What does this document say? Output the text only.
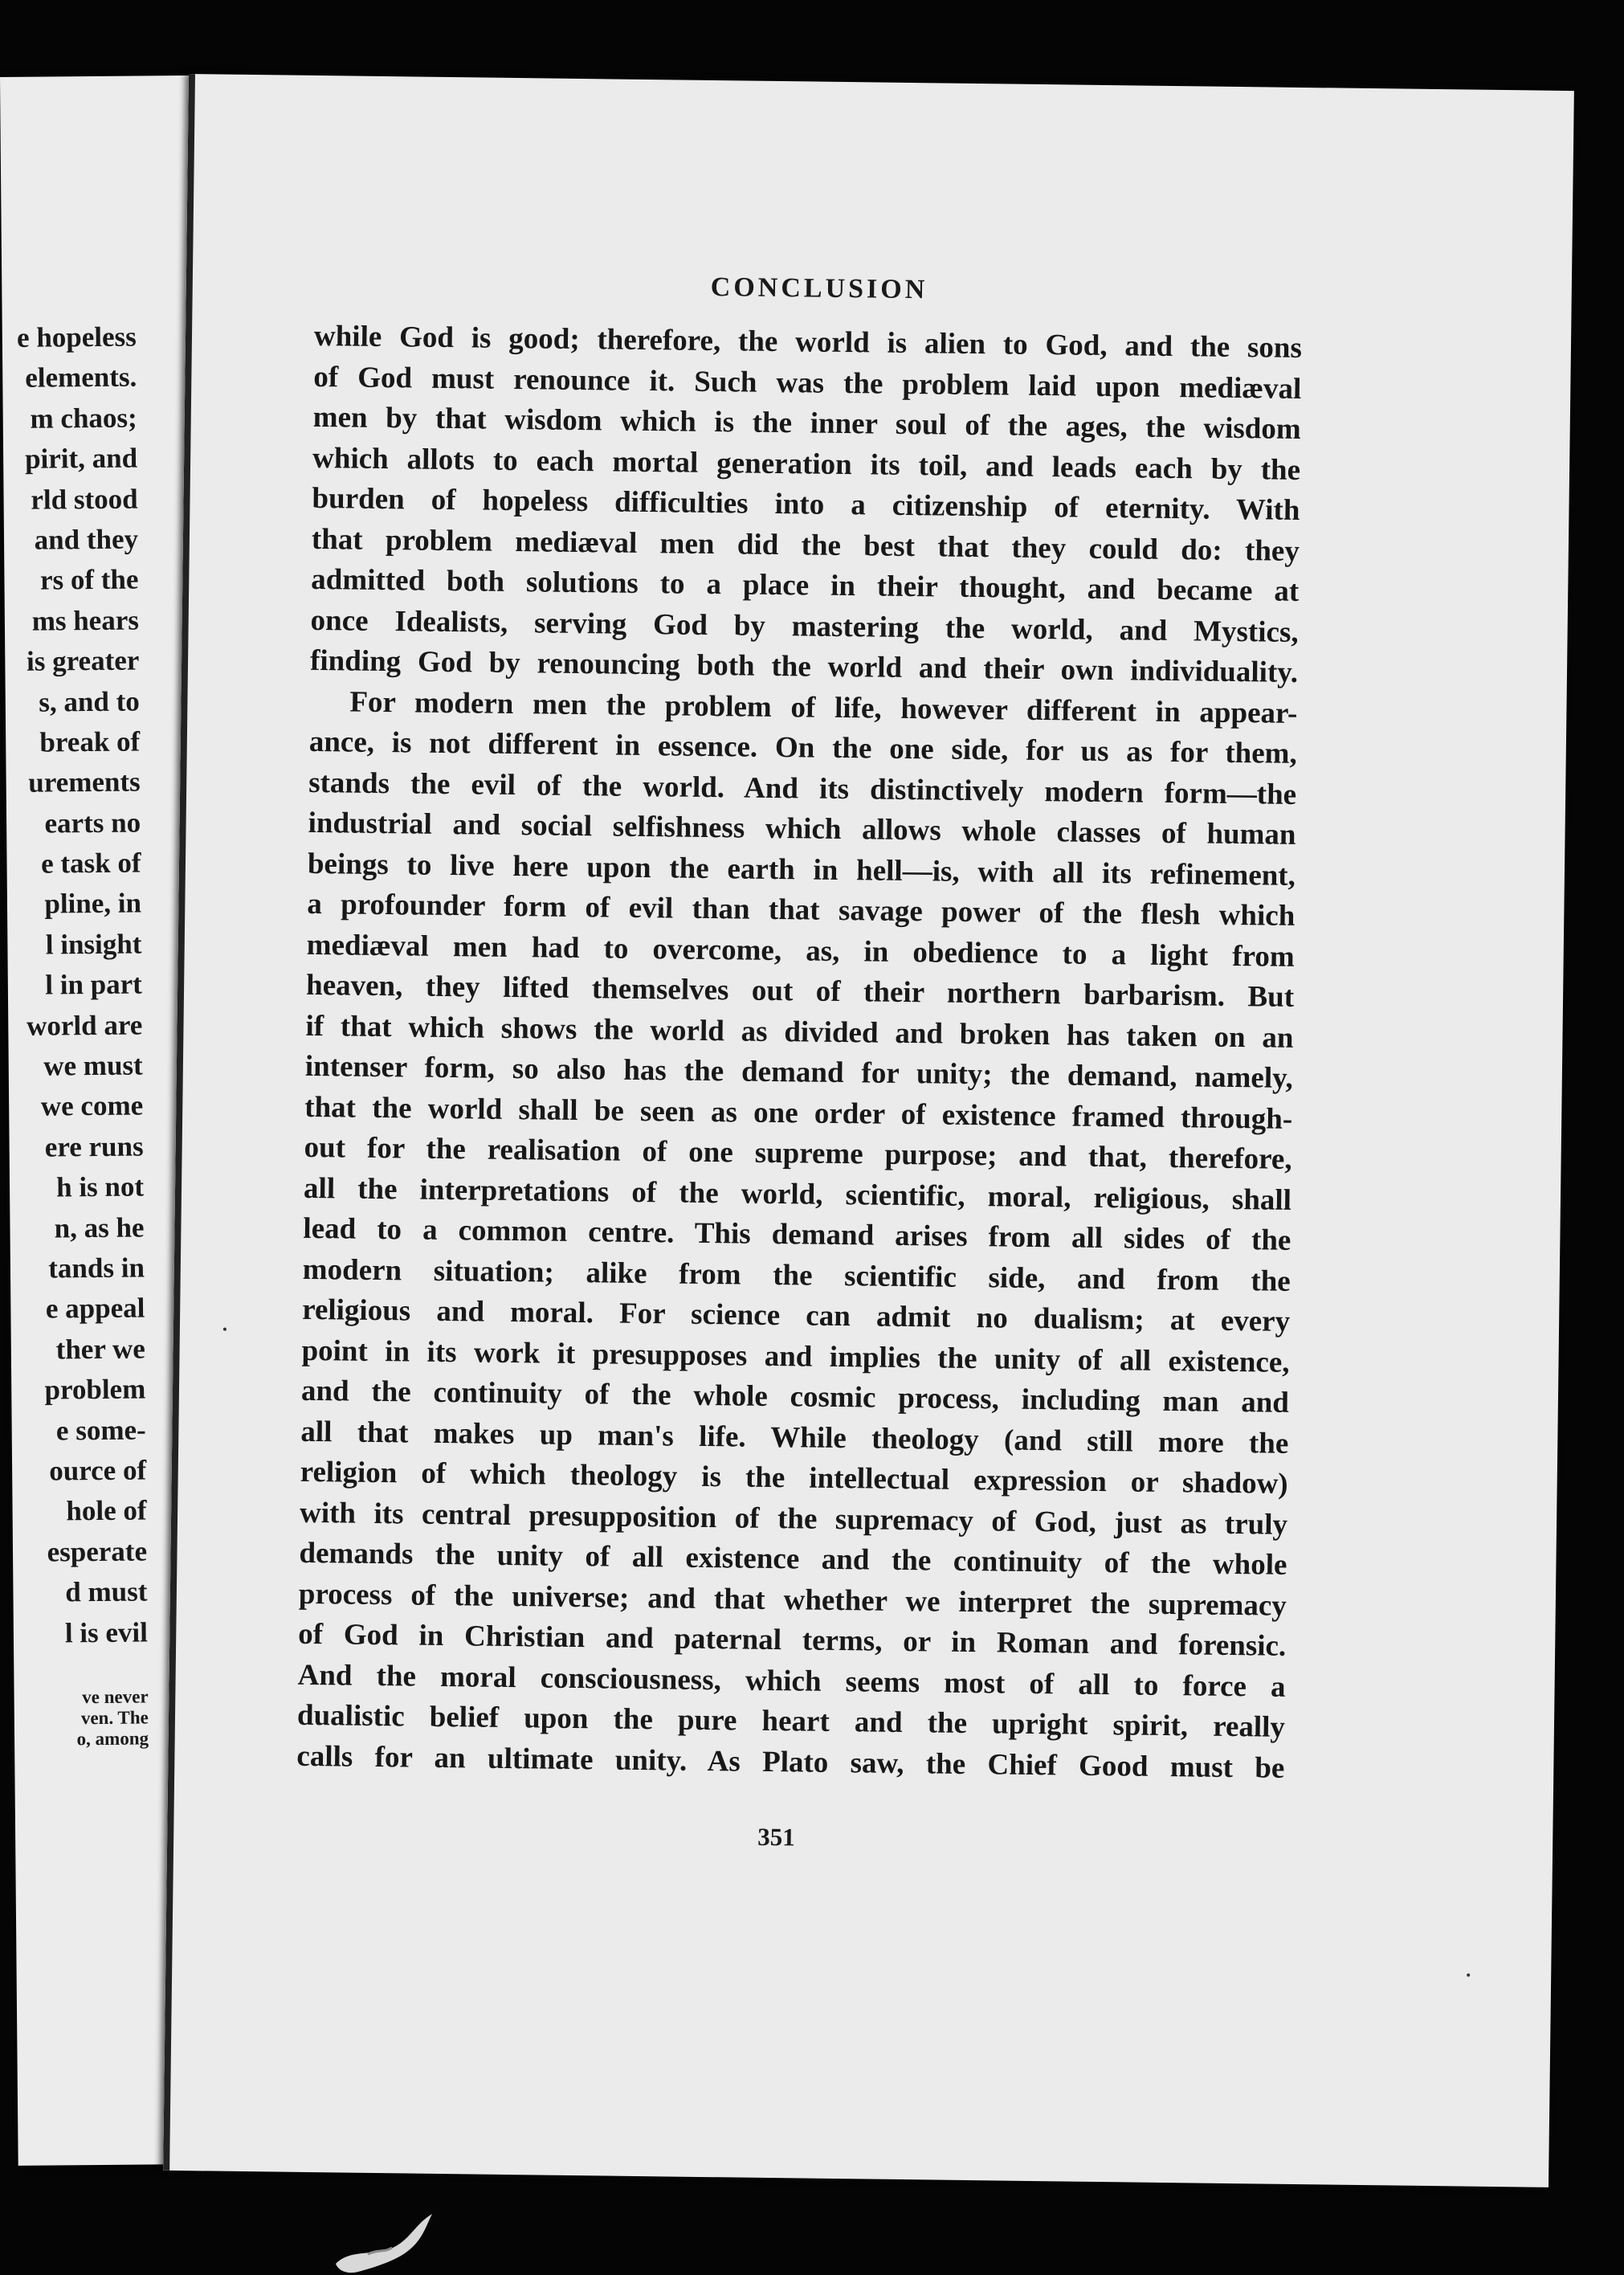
e hopeless
elements.
m chaos;
pirit, and
rld stood
and they
rs of the
ms hears
is greater
s, and to
break of
urements
earts no
e task of
pline, in
l insight
l in part
world are
we must
we come
ere runs
h is not
n, as he
tands in
e appeal
ther we
problem
e some-
ource of
hole of
esperate
d must
l is evil
ve never
ven. The
o, among
CONCLUSION
while God is good; therefore, the world is alien to God, and the sons
of God must renounce it. Such was the problem laid upon mediæval
men by that wisdom which is the inner soul of the ages, the wisdom
which allots to each mortal generation its toil, and leads each by the
burden of hopeless difficulties into a citizenship of eternity. With
that problem mediæval men did the best that they could do: they
admitted both solutions to a place in their thought, and became at
once Idealists, serving God by mastering the world, and Mystics,
finding God by renouncing both the world and their own individuality.
For modern men the problem of life, however different in appear-
ance, is not different in essence. On the one side, for us as for them,
stands the evil of the world. And its distinctively modern form—the
industrial and social selfishness which allows whole classes of human
beings to live here upon the earth in hell—is, with all its refinement,
a profounder form of evil than that savage power of the flesh which
mediæval men had to overcome, as, in obedience to a light from
heaven, they lifted themselves out of their northern barbarism. But
if that which shows the world as divided and broken has taken on an
intenser form, so also has the demand for unity; the demand, namely,
that the world shall be seen as one order of existence framed through-
out for the realisation of one supreme purpose; and that, therefore,
all the interpretations of the world, scientific, moral, religious, shall
lead to a common centre. This demand arises from all sides of the
modern situation; alike from the scientific side, and from the
religious and moral. For science can admit no dualism; at every
point in its work it presupposes and implies the unity of all existence,
and the continuity of the whole cosmic process, including man and
all that makes up man's life. While theology (and still more the
religion of which theology is the intellectual expression or shadow)
with its central presupposition of the supremacy of God, just as truly
demands the unity of all existence and the continuity of the whole
process of the universe; and that whether we interpret the supremacy
of God in Christian and paternal terms, or in Roman and forensic.
And the moral consciousness, which seems most of all to force a
dualistic belief upon the pure heart and the upright spirit, really
calls for an ultimate unity. As Plato saw, the Chief Good must be
351
